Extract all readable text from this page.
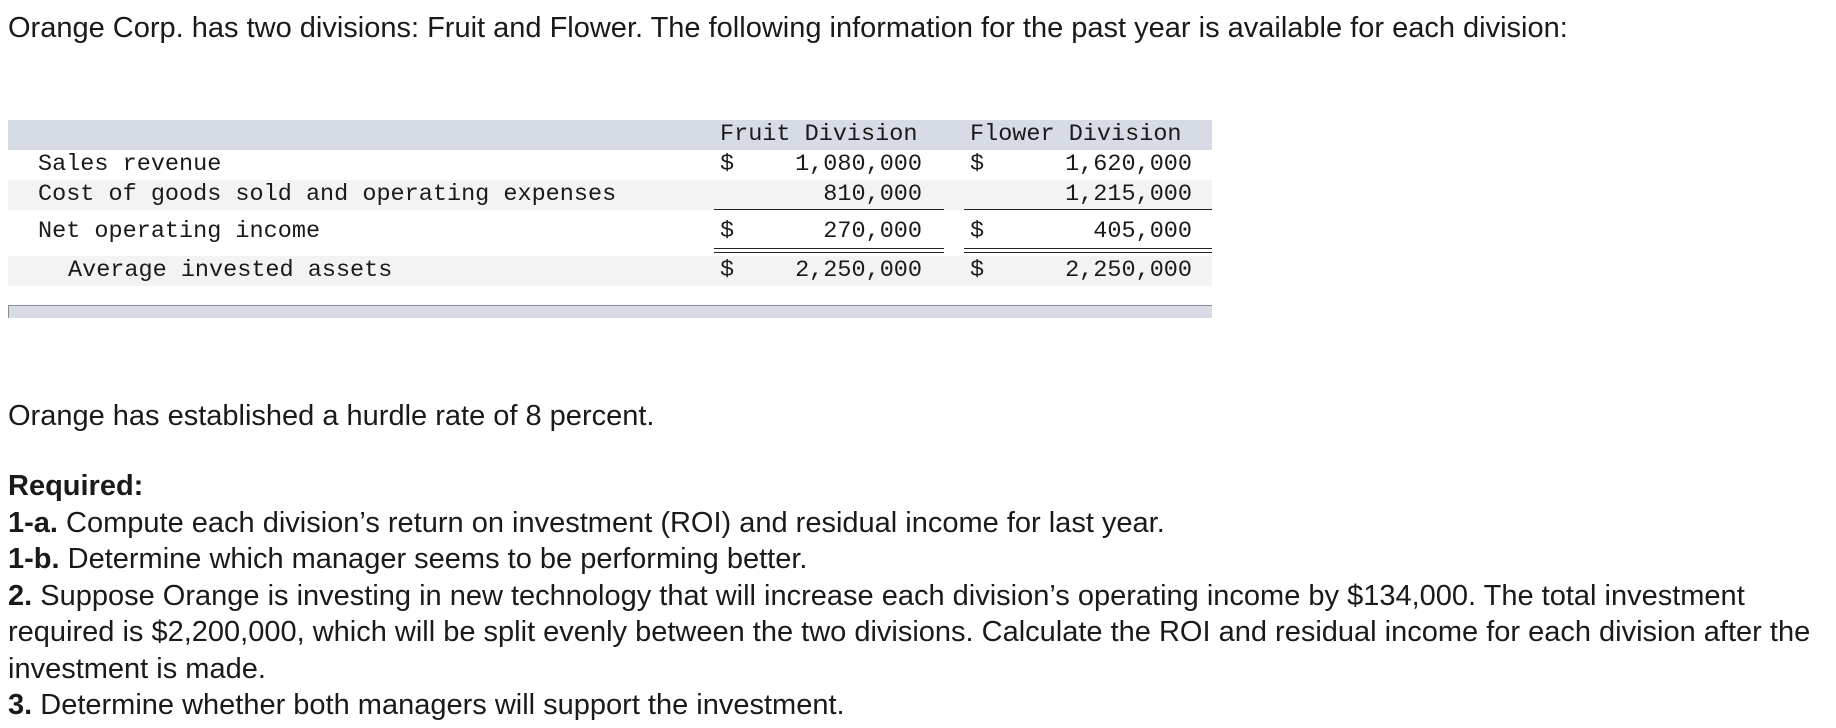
Orange Corp. has two divisions: Fruit and Flower. The following information for the past year is available for each division:
Fruit Division Flower Division
Sales revenue	$	1,080,000 $	1,620,000
Cost of goods sold and operating expenses	810,000	1,215,000
Net operating income	$	270,000 $	405,000
Average invested assets	$	2,250,000 $	2,250,000
Orange has established a hurdle rate of 8 percent.
Required:
1-a. Compute each division’s return on investment (ROI) and residual income for last year.
1-b. Determine which manager seems to be performing better.
2. Suppose Orange is investing in new technology that will increase each division’s operating income by $134,000. The total investment required is $2,200,000, which will be split evenly between the two divisions. Calculate the ROI and residual income for each division after the investment is made.
3. Determine whether both managers will support the investment.
